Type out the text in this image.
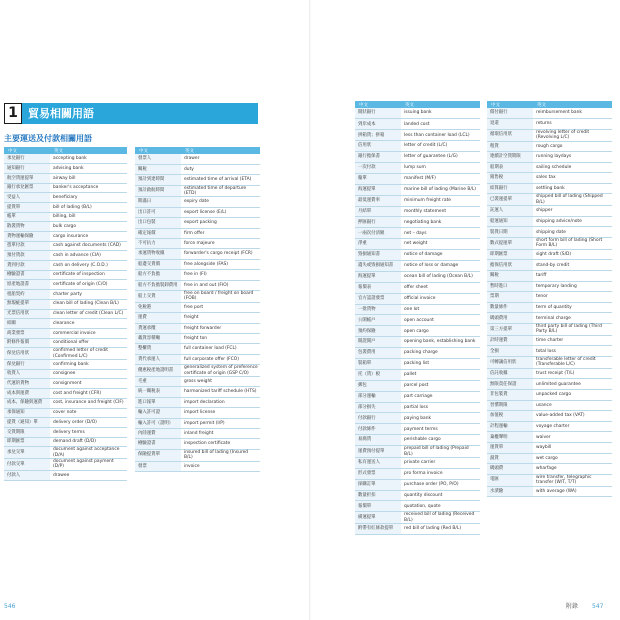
1 貿易相關用語
主要運送及付款相關用語
中文	英文
承兌銀行	accepting bank
通知銀行	advising bank
航空貨運提單	airway bill
銀行承兌匯票	banker's acceptance
受益人	beneficiary
提貨單	bill of lading (B/L)
帳單	billing, bill
散裝貨物	bulk cargo
貨物運輸保險	cargo insurance
憑單付款	cash against documents (CAD)
預付貨款	cash in advance (CIA)
貨到付款	cash on delivery (C.O.D.)
檢驗證書	certificate of inspection
原產地證書	certificate of origin (C/O)
租船契約	charter party
無瑕疵提單	clean bill of lading (Clean B/L)
光票信用狀	clean letter of credit (Clean L/C)
結關	clearance
商業發票	commercial invoice
附條件報價	conditional offer
保兌信用狀	confirmed letter of credit (Confirmed L/C)
保兌銀行	confirming bank
收貨人	consignee
代運的貨物	consignment
成本與運費	cost and freight (CFR)
成本、保險與運費	cost, insurance and freight (CIF)
承保通知	cover note
提貨（通知）單	delivery order (D/O)
交貨期限	delivery terms
即期匯票	demand draft (D/D)
承兌交單	document against acceptance (D/A)
付款交單	document against payment (D/P)
付款人	drawee
中文	英文
發票人	drawer
關稅	duty
預計到達時間	estimated time of arrival (ETA)
預計啟航時間	estimated time of departure (ETD)
期滿日	expiry date
出口許可	export license (E/L)
出口包裝	export packing
確定報價	firm offer
不可抗力	force majeure
承運貨物收據	forwarder's cargo receipt (FCR)
船邊交貨價	free alongside (FAS)
船方不負擔	free in (FI)
船方不負擔裝卸費用	free in and out (FIO)
船上交貨	free on board / freight on board (FOB)
免稅港	free port
運費	freight
貨運承攬	freight forwarder
載貨容積噸	freight ton
整櫃貨	full container load (FCL)
貨代承運人	full corporate offer (FCO)
優惠稅產地證明書	generalized system of preference certificate of origin (GSP C/O)
毛重	gross weight
統一關稅表	harmonized tariff schedule (HTS)
進口報單	import declaration
輸入許可證	import license
輸入許可（證明）	import permit (I/P)
內陸運費	inland freight
檢驗證書	inspection certificate
保險提貨單	insured bill of lading (Insured B/L)
發票	invoice
546
中文	英文
開狀銀行	issuing bank
到岸成本	landed cost
拼箱貨；拼箱	less than container load (LCL)
信用狀	letter of credit (L/C)
銀行擔保書	letter of guarantee (L/G)
一次付款	lump sum
艙單	manifest (M/F)
海運提單	marine bill of lading (Marine B/L)
最低運費率	minimum freight rate
月結單	monthly statement
押匯銀行	negotiating bank
一兩次付清額	net – days
淨重	net weight
毀損通知書	notice of damage
遺失或毀損通知書	notice of loss or damage
海運提單	ocean bill of lading (Ocean B/L)
報價表	offer sheet
官方認證發票	official invoice
一批貨物	one lot
公開帳戶	open account
預約保險	open cargo
開證開戶	opening bank, establishing bank
包裝費用	packing charge
裝箱單	packing list
托（貨）板	pallet
郵包	parcel post
部分運輸	part carriage
部分損失	partial loss
付款銀行	paying bank
付款條件	payment terms
易腐貨	perishable cargo
運費預付提單	prepaid bill of lading (Prepaid B/L)
私有運送人	private carrier
形式發票	pro forma invoice
採購訂單	purchase order (PO, P/O)
數量折扣	quantity discount
報價單	quotation, quote
備運提單	received bill of lading (Received B/L)
附帶有紅條款提單	red bill of lading (Red B/L)
中文	英文
償付銀行	reimbursement bank
退還	returns
循環信用狀	revolving letter of credit (Revolving L/C)
粗貨	rough cargo
連續計空貨期限	running laydays
船期表	sailing schedule
銷售稅	sales tax
結算銀行	settling bank
已裝運提單	shipped bill of lading (Shipped B/L)
託運人	shipper
船運通知	shipping advice/note
裝貨日期	shipping date
數式提運單	short form bill of lading (Short Form B/L)
即期匯票	sight draft (S/D)
擔保信用狀	stand-by credit
關稅	tariff
暫時進口	temporary landing
票期	tenor
數量條件	term of quantity
碼頭費用	terminal charge
第三方提單	third party bill of lading (Third Party B/L)
計時運費	time charter
全損	total loss
可轉讓信用狀	transferable letter of credit (Transferable L/C)
信託收據	trust receipt (T/L)
無限責任保證	unlimited guarantee
非包裝貨	unpacked cargo
習慣期限	usance
加值稅	value-added tax (VAT)
計程運輸	voyage charter
棄權聲明	waiver
運貨單	waybill
濕貨	wet cargo
碼頭費	wharfage
電匯	wire transfer, telegraphic transfer (W/T, T/T)
水漬險	with average (WA)
附錄 547
